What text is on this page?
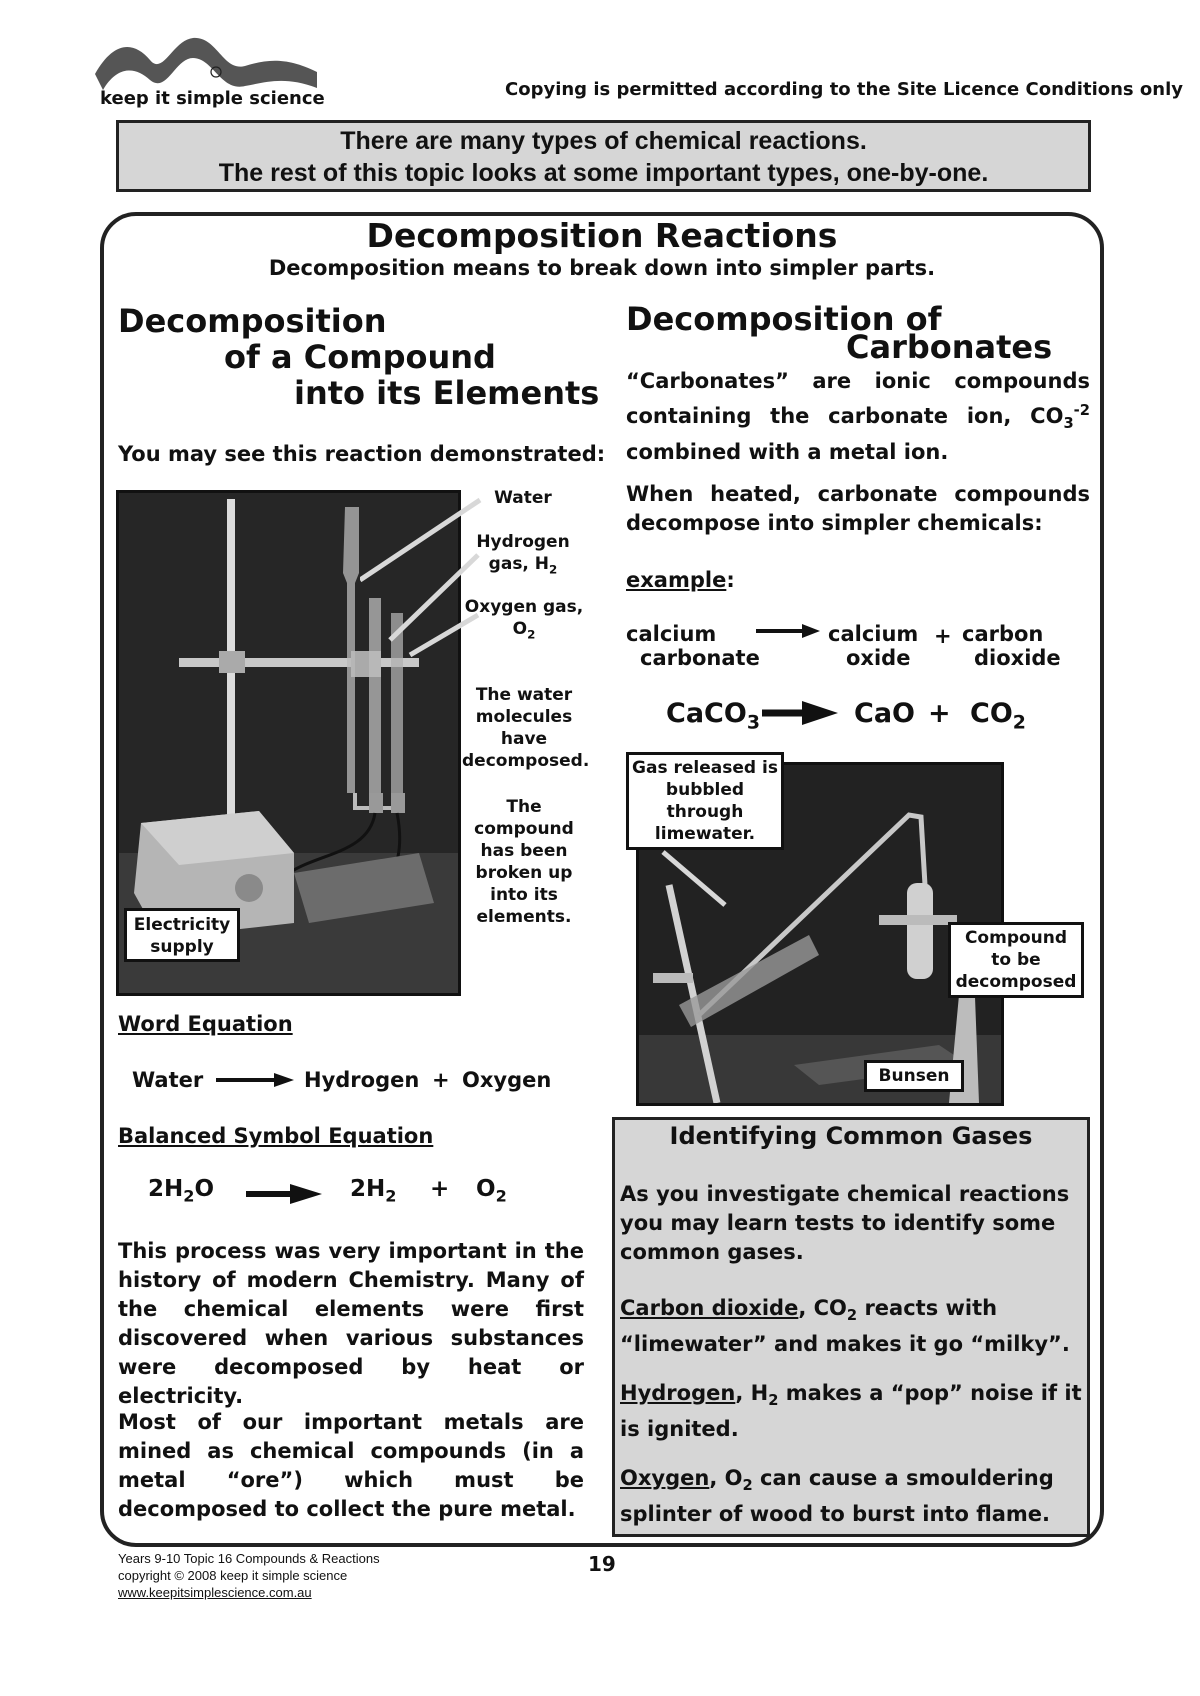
keep it simple science	Copying is permitted according to the Site Licence Conditions only
There are many types of chemical reactions.
The rest of this topic looks at some important types, one-by-one.
Decomposition Reactions
Decomposition means to break down into simpler parts.
Decomposition
of a Compound
into its Elements
You may see this reaction demonstrated:
Water
Hydrogen
gas, $H_2$
Oxygen gas,
$O_2$
The water
molecules
have
decomposed.
The
compound
has been
broken up
into its
elements.
Electricity
supply
Word Equation
Water	Hydrogen + Oxygen
Balanced Symbol Equation
$2H_2O$	$2H_2 + O_2$
This process was very important in the history of modern Chemistry. Many of the chemical elements were first discovered when various substances were decomposed by heat or electricity.
Most of our important metals are mined as chemical compounds (in a metal “ore”) which must be decomposed to collect the pure metal.
Decomposition of
Carbonates
“Carbonates” are ionic compounds containing the carbonate ion, $CO_3^{-2}$ combined with a metal ion.
When heated, carbonate compounds decompose into simpler chemicals:
example:
calcium
carbonate
calcium
oxide
+ carbon
dioxide
CaCO$_3$	CaO + $CO_2$
Gas released is
bubbled
through
limewater.
Compound
to be
decomposed
Bunsen
Identifying Common Gases
As you investigate chemical reactions you may learn tests to identify some common gases.
Carbon dioxide, $CO_2$ reacts with “limewater” and makes it go “milky”.
Hydrogen, $H_2$ makes a “pop” noise if it is ignited.
Oxygen, $O_2$ can cause a smouldering splinter of wood to burst into flame.
Years 9-10 Topic 16 Compounds & Reactions
copyright © 2008 keep it simple science
www.keepitsimplescience.com.au
19
